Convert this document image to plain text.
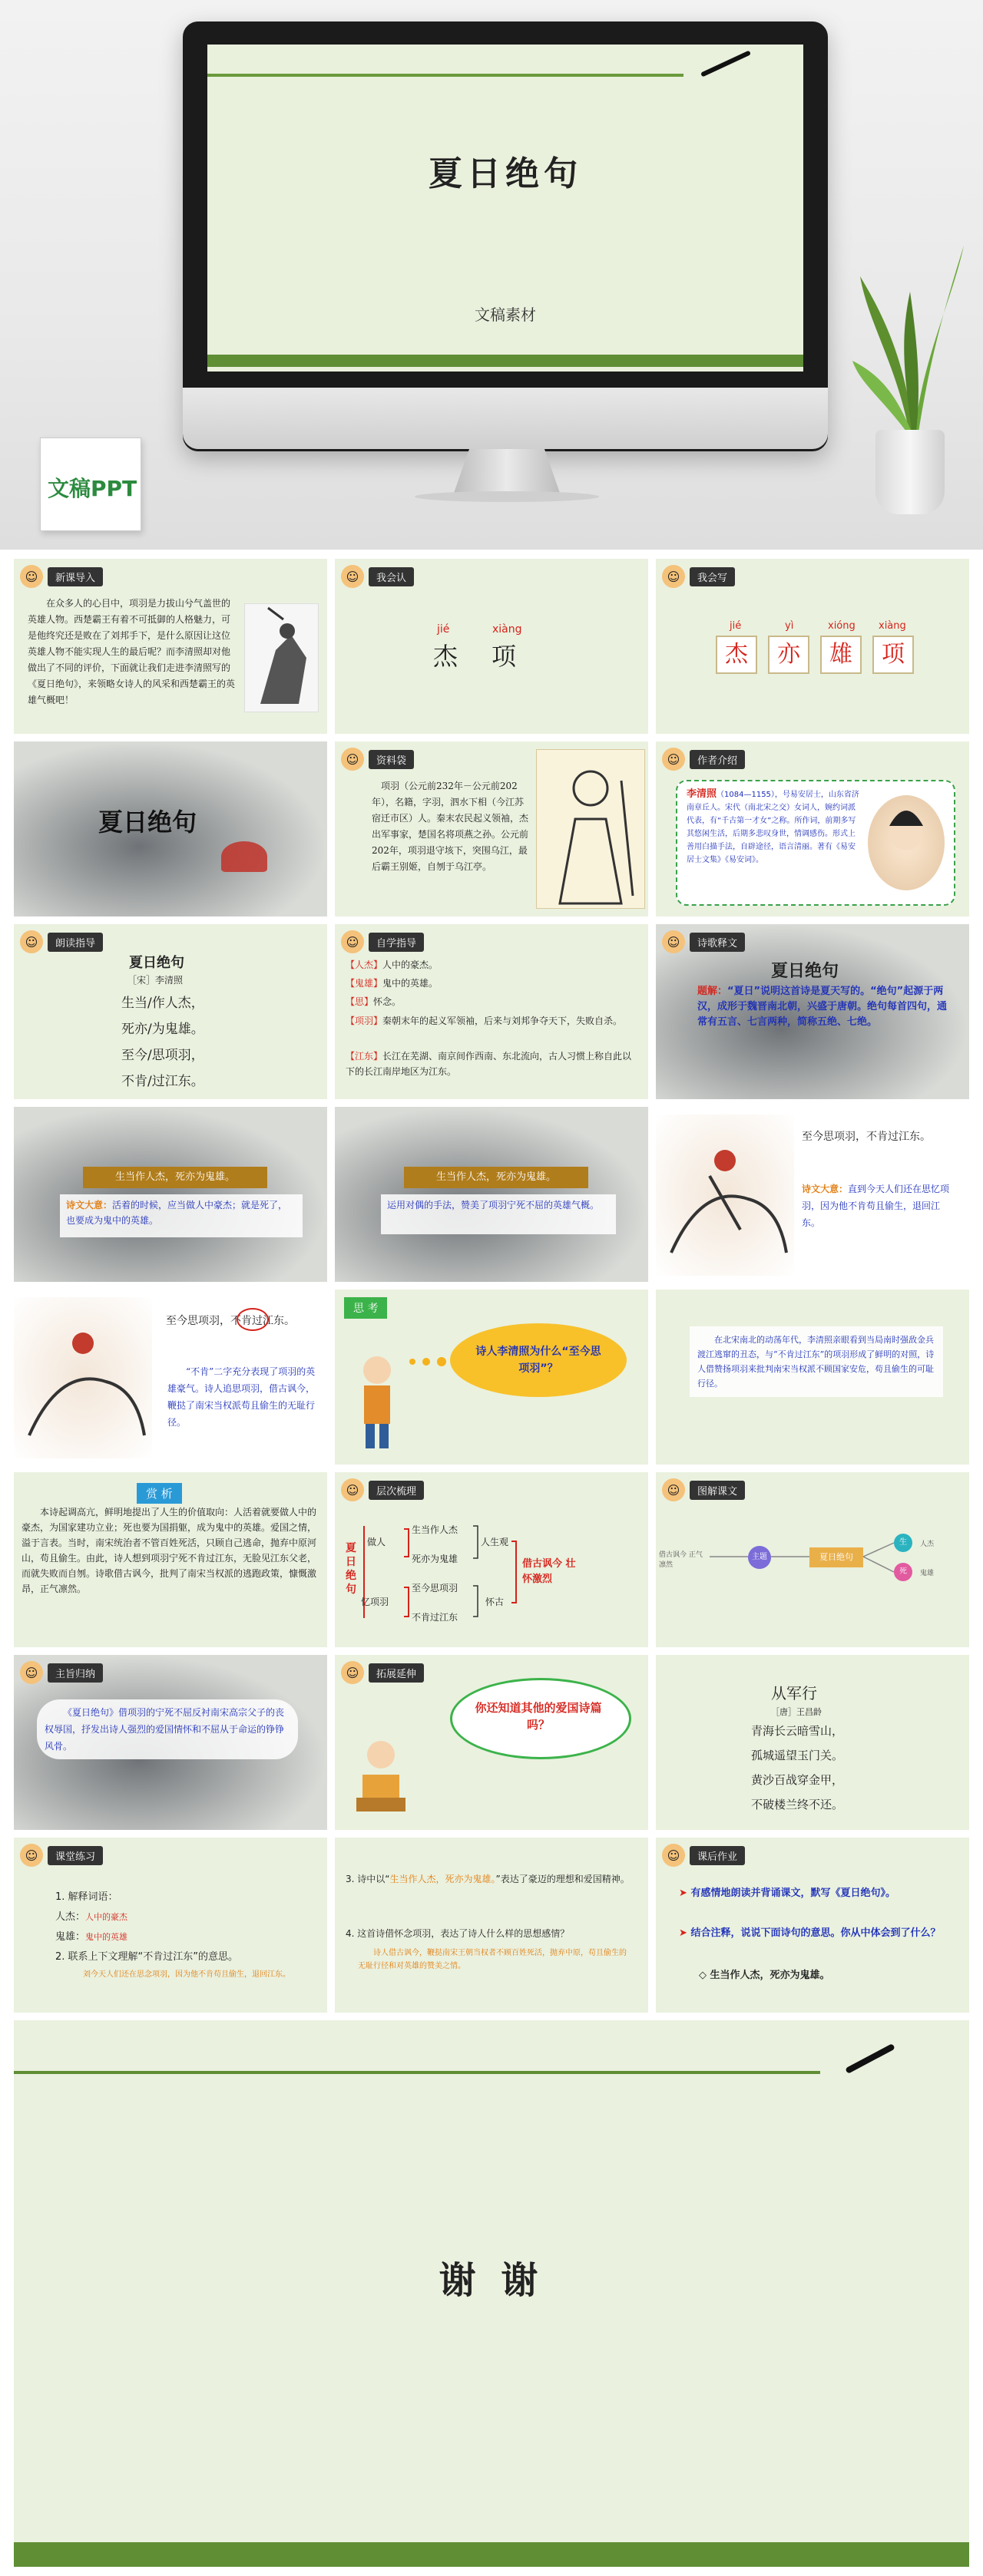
夏日绝句
文稿素材
文稿PPT
☺	新课导入
在众多人的心目中，项羽是力拔山兮气盖世的英雄人物。西楚霸王有着不可抵御的人格魅力，可是他终究还是败在了刘邦手下，是什么原因让这位英雄人物不能实现人生的最后呢？而李清照却对他做出了不同的评价，下面就让我们走进李清照写的《夏日绝句》，来领略女诗人的风采和西楚霸王的英雄气概吧！
☺	我会认
jié	xiàng
杰 项
☺	我会写
jié	yì	xióng xiàng
杰	亦	雄	项
夏日绝句
☺	资料袋
项羽（公元前232年－公元前202年），名籍，字羽，泗水下相（今江苏宿迁市区）人。秦末农民起义领袖，杰出军事家，楚国名将项燕之孙。公元前202年，项羽退守垓下，突围乌江，最后霸王别姬，自刎于乌江亭。
☺	作者介绍
李清照（1084—1155），号易安居士，山东省济南章丘人。宋代（南北宋之交）女词人，婉约词派代表，有“千古第一才女”之称。所作词，前期多写其悠闲生活，后期多悲叹身世，情调感伤。形式上善用白描手法，自辟途径，语言清丽。著有《易安居士文集》《易安词》。
☺	朗读指导
夏日绝句
［宋］李清照
生当/作人杰，
死亦/为鬼雄。
至今/思项羽，
不肯/过江东。
☺	自学指导
【人杰】人中的豪杰。
【鬼雄】鬼中的英雄。
【思】怀念。
【项羽】秦朝末年的起义军领袖，后来与刘邦争夺天下，失败自杀。
【江东】长江在芜湖、南京间作西南、东北流向，古人习惯上称自此以下的长江南岸地区为江东。
☺	诗歌释文
夏日绝句
题解：“夏日”说明这首诗是夏天写的。“绝句”起源于两汉，成形于魏晋南北朝，兴盛于唐朝。绝句每首四句，通常有五言、七言两种，简称五绝、七绝。
生当作人杰，死亦为鬼雄。
诗文大意：活着的时候，应当做人中豪杰；就是死了，也要成为鬼中的英雄。
生当作人杰，死亦为鬼雄。
运用对偶的手法，赞美了项羽宁死不屈的英雄气概。
至今思项羽，不肯过江东。
诗文大意：直到今天人们还在思忆项羽，因为他不肯苟且偷生，退回江东。
至今思项羽，不肯过江东。
“不肯”二字充分表现了项羽的英雄豪气。诗人追思项羽，借古讽今，鞭挞了南宋当权派苟且偷生的无耻行径。
思 考
诗人李清照为什么“至今思项羽”？
在北宋南北的动荡年代，李清照亲眼看到当局南时强敌金兵渡江逃窜的丑态，与“不肯过江东”的项羽形成了鲜明的对照，诗人借赞扬项羽来批判南宋当权派不顾国家安危，苟且偷生的可耻行径。
赏 析
本诗起调高亢，鲜明地提出了人生的价值取向：人活着就要做人中的豪杰，为国家建功立业；死也要为国捐躯，成为鬼中的英雄。爱国之情，溢于言表。当时，南宋统治者不管百姓死活，只顾自己逃命，抛弃中原河山，苟且偷生。由此，诗人想到项羽宁死不肯过江东，无脸见江东父老，而就失败而自刎。诗歌借古讽今，批判了南宋当权派的逃跑政策，慷慨激昂，正气凛然。
☺	层次梳理
夏日绝句
做人
生当作人杰
死亦为鬼雄
人生观
忆项羽
至今思项羽
不肯过江东
怀古
借古讽今 壮怀激烈
☺	图解课文
借古讽今 正气凛然
主题	夏日绝句
生
死
人杰
鬼雄
☺	主旨归纳
《夏日绝句》借项羽的宁死不屈反衬南宋高宗父子的丧权辱国，抒发出诗人强烈的爱国情怀和不屈从于命运的铮铮风骨。
☺	拓展延伸
你还知道其他的爱国诗篇吗？
从军行
［唐］王昌龄
青海长云暗雪山，
孤城遥望玉门关。
黄沙百战穿金甲，
不破楼兰终不还。
☺	课堂练习
1. 解释词语：
人杰：人中的豪杰
鬼雄：鬼中的英雄
2. 联系上下文理解“不肯过江东”的意思。
刘今天人们还在思念项羽，因为他不肯苟且偷生，退回江东。
3. 诗中以“生当作人杰，死亦为鬼雄。”表达了豪迈的理想和爱国精神。
4. 这首诗借怀念项羽，表达了诗人什么样的思想感情？
诗人借古讽今，鞭挞南宋王朝当权者不顾百姓死活，抛弃中原，苟且偷生的无耻行径和对英雄的赞美之情。
☺	课后作业
➤ 有感情地朗读并背诵课文，默写《夏日绝句》。
➤ 结合注释，说说下面诗句的意思。你从中体会到了什么？
◇ 生当作人杰，死亦为鬼雄。
谢 谢
